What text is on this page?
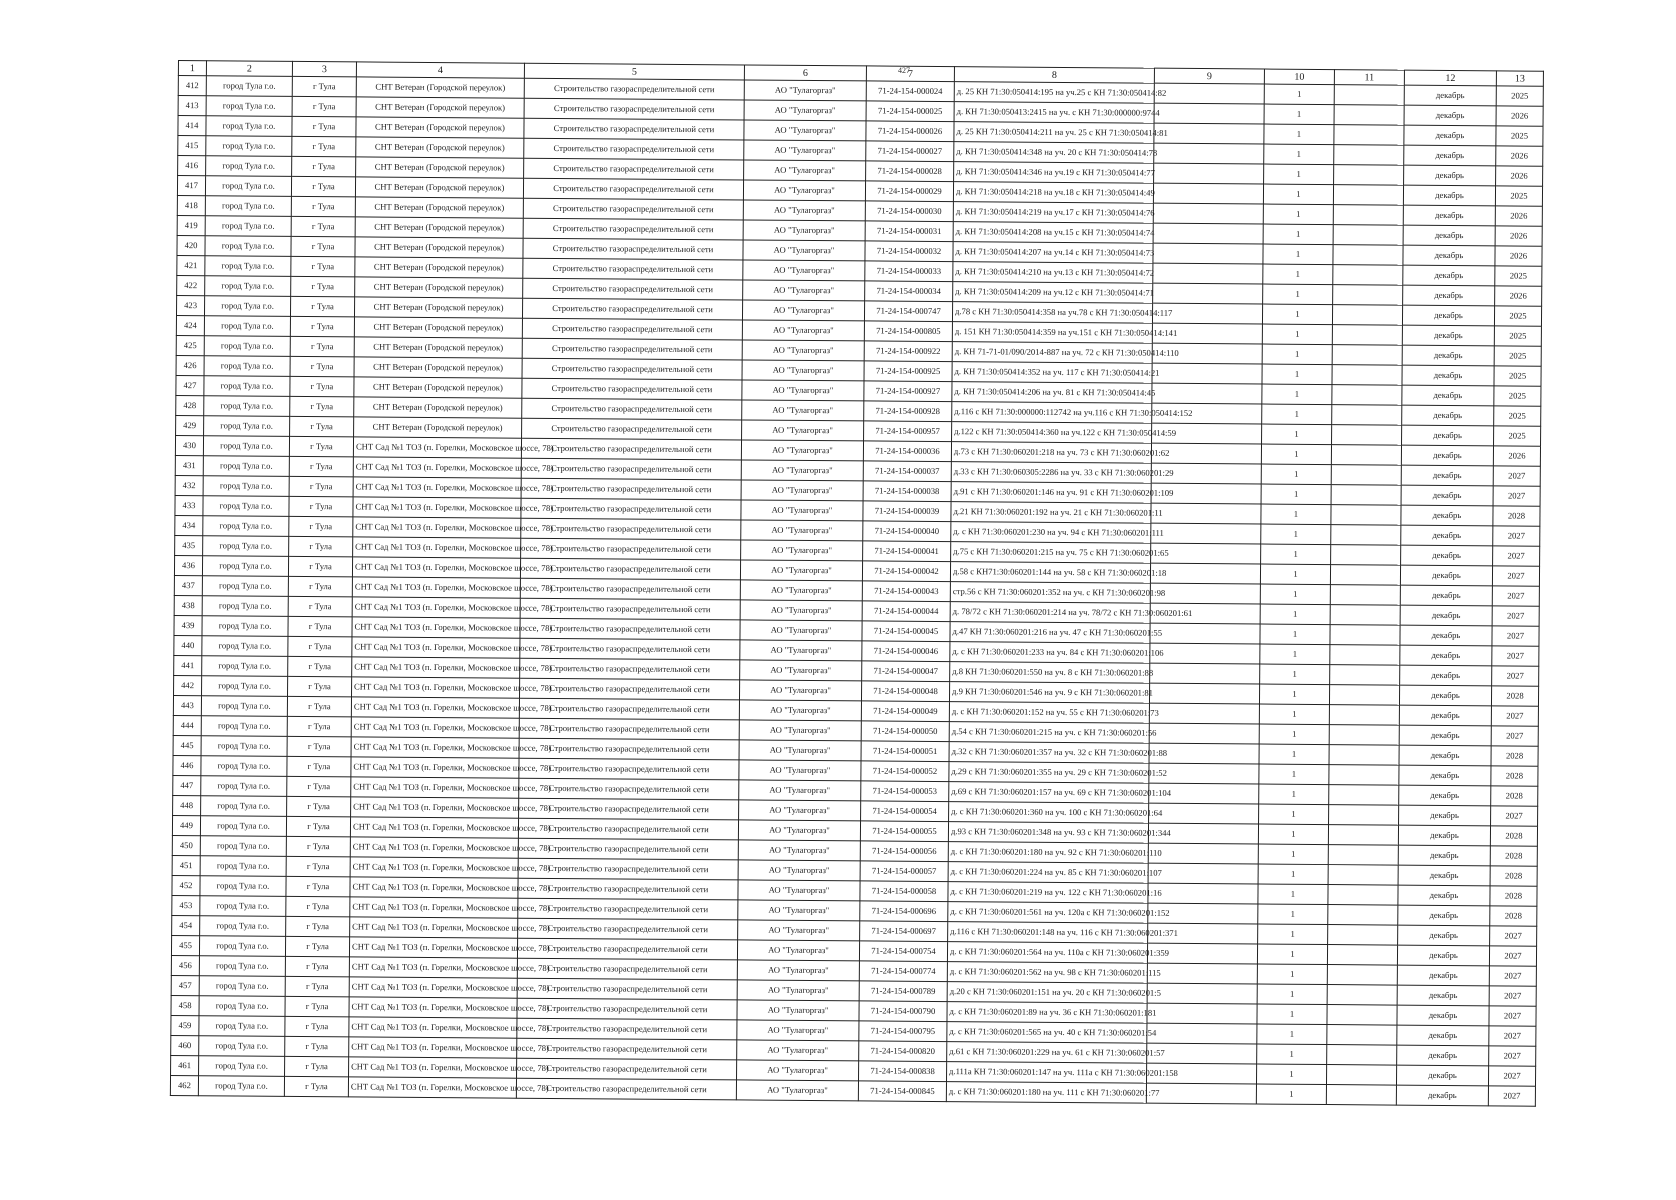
427
1	2	3	4	5	6	7	8	9	10	11	12	13
412	город Тула г.о.	г Тула	СНТ Ветеран (Городской переулок)	Строительство газораспределительной сети	АО "Тулагоргаз"	71-24-154-000024	д. 25 КН 71:30:050414:195 на уч.25 с КН 71:30:050414:82		1		декабрь	2025
413	город Тула г.о.	г Тула	СНТ Ветеран (Городской переулок)	Строительство газораспределительной сети	АО "Тулагоргаз"	71-24-154-000025	д. КН 71:30:050413:2415 на уч. с КН 71:30:000000:9744		1		декабрь	2026
414	город Тула г.о.	г Тула	СНТ Ветеран (Городской переулок)	Строительство газораспределительной сети	АО "Тулагоргаз"	71-24-154-000026	д. 25 КН 71:30:050414:211 на уч. 25 с КН 71:30:050414:81		1		декабрь	2025
415	город Тула г.о.	г Тула	СНТ Ветеран (Городской переулок)	Строительство газораспределительной сети	АО "Тулагоргаз"	71-24-154-000027	д. КН 71:30:050414:348 на уч. 20 с КН 71:30:050414:78		1		декабрь	2026
416	город Тула г.о.	г Тула	СНТ Ветеран (Городской переулок)	Строительство газораспределительной сети	АО "Тулагоргаз"	71-24-154-000028	д. КН 71:30:050414:346 на уч.19 с КН 71:30:050414:77		1		декабрь	2026
417	город Тула г.о.	г Тула	СНТ Ветеран (Городской переулок)	Строительство газораспределительной сети	АО "Тулагоргаз"	71-24-154-000029	д. КН 71:30:050414:218 на уч.18 с КН 71:30:050414:49		1		декабрь	2025
418	город Тула г.о.	г Тула	СНТ Ветеран (Городской переулок)	Строительство газораспределительной сети	АО "Тулагоргаз"	71-24-154-000030	д. КН 71:30:050414:219 на уч.17 с КН 71:30:050414:76		1		декабрь	2026
419	город Тула г.о.	г Тула	СНТ Ветеран (Городской переулок)	Строительство газораспределительной сети	АО "Тулагоргаз"	71-24-154-000031	д. КН 71:30:050414:208 на уч.15 с КН 71:30:050414:74		1		декабрь	2026
420	город Тула г.о.	г Тула	СНТ Ветеран (Городской переулок)	Строительство газораспределительной сети	АО "Тулагоргаз"	71-24-154-000032	д. КН 71:30:050414:207 на уч.14 с КН 71:30:050414:73		1		декабрь	2026
421	город Тула г.о.	г Тула	СНТ Ветеран (Городской переулок)	Строительство газораспределительной сети	АО "Тулагоргаз"	71-24-154-000033	д. КН 71:30:050414:210 на уч.13 с КН 71:30:050414:72		1		декабрь	2025
422	город Тула г.о.	г Тула	СНТ Ветеран (Городской переулок)	Строительство газораспределительной сети	АО "Тулагоргаз"	71-24-154-000034	д. КН 71:30:050414:209 на уч.12 с КН 71:30:050414:71		1		декабрь	2026
423	город Тула г.о.	г Тула	СНТ Ветеран (Городской переулок)	Строительство газораспределительной сети	АО "Тулагоргаз"	71-24-154-000747	д.78 с КН 71:30:050414:358 на уч.78 с КН 71:30:050414:117		1		декабрь	2025
424	город Тула г.о.	г Тула	СНТ Ветеран (Городской переулок)	Строительство газораспределительной сети	АО "Тулагоргаз"	71-24-154-000805	д. 151 КН 71:30:050414:359 на уч.151 с КН 71:30:050414:141		1		декабрь	2025
425	город Тула г.о.	г Тула	СНТ Ветеран (Городской переулок)	Строительство газораспределительной сети	АО "Тулагоргаз"	71-24-154-000922	д. КН 71-71-01/090/2014-887 на уч. 72 с КН 71:30:050414:110		1		декабрь	2025
426	город Тула г.о.	г Тула	СНТ Ветеран (Городской переулок)	Строительство газораспределительной сети	АО "Тулагоргаз"	71-24-154-000925	д. КН 71:30:050414:352 на уч. 117 с КН 71:30:050414:21		1		декабрь	2025
427	город Тула г.о.	г Тула	СНТ Ветеран (Городской переулок)	Строительство газораспределительной сети	АО "Тулагоргаз"	71-24-154-000927	д. КН 71:30:050414:206 на уч. 81 с КН 71:30:050414:45		1		декабрь	2025
428	город Тула г.о.	г Тула	СНТ Ветеран (Городской переулок)	Строительство газораспределительной сети	АО "Тулагоргаз"	71-24-154-000928	д.116 с КН 71:30:000000:112742 на уч.116 с КН 71:30:050414:152		1		декабрь	2025
429	город Тула г.о.	г Тула	СНТ Ветеран (Городской переулок)	Строительство газораспределительной сети	АО "Тулагоргаз"	71-24-154-000957	д.122 с КН 71:30:050414:360 на уч.122 с КН 71:30:050414:59		1		декабрь	2025
430	город Тула г.о.	г Тула	СНТ Сад №1 ТОЗ (п. Горелки, Московское шоссе, 78)	Строительство газораспределительной сети	АО "Тулагоргаз"	71-24-154-000036	д.73 с КН 71:30:060201:218 на уч. 73 с КН 71:30:060201:62		1		декабрь	2026
431	город Тула г.о.	г Тула	СНТ Сад №1 ТОЗ (п. Горелки, Московское шоссе, 78)	Строительство газораспределительной сети	АО "Тулагоргаз"	71-24-154-000037	д.33 с КН 71:30:060305:2286 на уч. 33 с КН 71:30:060201:29		1		декабрь	2027
432	город Тула г.о.	г Тула	СНТ Сад №1 ТОЗ (п. Горелки, Московское шоссе, 78)	Строительство газораспределительной сети	АО "Тулагоргаз"	71-24-154-000038	д.91 с КН 71:30:060201:146 на уч. 91 с КН 71:30:060201:109		1		декабрь	2027
433	город Тула г.о.	г Тула	СНТ Сад №1 ТОЗ (п. Горелки, Московское шоссе, 78)	Строительство газораспределительной сети	АО "Тулагоргаз"	71-24-154-000039	д.21 КН 71:30:060201:192 на уч. 21 с КН 71:30:060201:11		1		декабрь	2028
434	город Тула г.о.	г Тула	СНТ Сад №1 ТОЗ (п. Горелки, Московское шоссе, 78)	Строительство газораспределительной сети	АО "Тулагоргаз"	71-24-154-000040	д. с КН 71:30:060201:230 на уч. 94 с КН 71:30:060201:111		1		декабрь	2027
435	город Тула г.о.	г Тула	СНТ Сад №1 ТОЗ (п. Горелки, Московское шоссе, 78)	Строительство газораспределительной сети	АО "Тулагоргаз"	71-24-154-000041	д.75 с КН 71:30:060201:215 на уч. 75 с КН 71:30:060201:65		1		декабрь	2027
436	город Тула г.о.	г Тула	СНТ Сад №1 ТОЗ (п. Горелки, Московское шоссе, 78)	Строительство газораспределительной сети	АО "Тулагоргаз"	71-24-154-000042	д.58 с КН71:30:060201:144 на уч. 58 с КН 71:30:060201:18		1		декабрь	2027
437	город Тула г.о.	г Тула	СНТ Сад №1 ТОЗ (п. Горелки, Московское шоссе, 78)	Строительство газораспределительной сети	АО "Тулагоргаз"	71-24-154-000043	стр.56 с КН 71:30:060201:352 на уч. с КН 71:30:060201:98		1		декабрь	2027
438	город Тула г.о.	г Тула	СНТ Сад №1 ТОЗ (п. Горелки, Московское шоссе, 78)	Строительство газораспределительной сети	АО "Тулагоргаз"	71-24-154-000044	д. 78/72 с КН 71:30:060201:214 на уч. 78/72 с КН 71:30:060201:61		1		декабрь	2027
439	город Тула г.о.	г Тула	СНТ Сад №1 ТОЗ (п. Горелки, Московское шоссе, 78)	Строительство газораспределительной сети	АО "Тулагоргаз"	71-24-154-000045	д.47 КН 71:30:060201:216 на уч. 47 с КН 71:30:060201:55		1		декабрь	2027
440	город Тула г.о.	г Тула	СНТ Сад №1 ТОЗ (п. Горелки, Московское шоссе, 78)	Строительство газораспределительной сети	АО "Тулагоргаз"	71-24-154-000046	д. с КН 71:30:060201:233 на уч. 84 с КН 71:30:060201:106		1		декабрь	2027
441	город Тула г.о.	г Тула	СНТ Сад №1 ТОЗ (п. Горелки, Московское шоссе, 78)	Строительство газораспределительной сети	АО "Тулагоргаз"	71-24-154-000047	д.8 КН 71:30:060201:550 на уч. 8 с КН 71:30:060201:88		1		декабрь	2027
442	город Тула г.о.	г Тула	СНТ Сад №1 ТОЗ (п. Горелки, Московское шоссе, 78)	Строительство газораспределительной сети	АО "Тулагоргаз"	71-24-154-000048	д.9 КН 71:30:060201:546 на уч. 9 с КН 71:30:060201:81		1		декабрь	2028
443	город Тула г.о.	г Тула	СНТ Сад №1 ТОЗ (п. Горелки, Московское шоссе, 78)	Строительство газораспределительной сети	АО "Тулагоргаз"	71-24-154-000049	д. с КН 71:30:060201:152 на уч. 55 с КН 71:30:060201:73		1		декабрь	2027
444	город Тула г.о.	г Тула	СНТ Сад №1 ТОЗ (п. Горелки, Московское шоссе, 78)	Строительство газораспределительной сети	АО "Тулагоргаз"	71-24-154-000050	д.54 с КН 71:30:060201:215 на уч. с КН 71:30:060201:56		1		декабрь	2027
445	город Тула г.о.	г Тула	СНТ Сад №1 ТОЗ (п. Горелки, Московское шоссе, 78)	Строительство газораспределительной сети	АО "Тулагоргаз"	71-24-154-000051	д.32 с КН 71:30:060201:357 на уч. 32 с КН 71:30:060201:88		1		декабрь	2028
446	город Тула г.о.	г Тула	СНТ Сад №1 ТОЗ (п. Горелки, Московское шоссе, 78)	Строительство газораспределительной сети	АО "Тулагоргаз"	71-24-154-000052	д.29 с КН 71:30:060201:355 на уч. 29 с КН 71:30:060201:52		1		декабрь	2028
447	город Тула г.о.	г Тула	СНТ Сад №1 ТОЗ (п. Горелки, Московское шоссе, 78)	Строительство газораспределительной сети	АО "Тулагоргаз"	71-24-154-000053	д.69 с КН 71:30:060201:157 на уч. 69 с КН 71:30:060201:104		1		декабрь	2028
448	город Тула г.о.	г Тула	СНТ Сад №1 ТОЗ (п. Горелки, Московское шоссе, 78)	Строительство газораспределительной сети	АО "Тулагоргаз"	71-24-154-000054	д. с КН 71:30:060201:360 на уч. 100 с КН 71:30:060201:64		1		декабрь	2027
449	город Тула г.о.	г Тула	СНТ Сад №1 ТОЗ (п. Горелки, Московское шоссе, 78)	Строительство газораспределительной сети	АО "Тулагоргаз"	71-24-154-000055	д.93 с КН 71:30:060201:348 на уч. 93 с КН 71:30:060201:344		1		декабрь	2028
450	город Тула г.о.	г Тула	СНТ Сад №1 ТОЗ (п. Горелки, Московское шоссе, 78)	Строительство газораспределительной сети	АО "Тулагоргаз"	71-24-154-000056	д. с КН 71:30:060201:180 на уч. 92 с КН 71:30:060201:110		1		декабрь	2028
451	город Тула г.о.	г Тула	СНТ Сад №1 ТОЗ (п. Горелки, Московское шоссе, 78)	Строительство газораспределительной сети	АО "Тулагоргаз"	71-24-154-000057	д. с КН 71:30:060201:224 на уч. 85 с КН 71:30:060201:107		1		декабрь	2028
452	город Тула г.о.	г Тула	СНТ Сад №1 ТОЗ (п. Горелки, Московское шоссе, 78)	Строительство газораспределительной сети	АО "Тулагоргаз"	71-24-154-000058	д. с КН 71:30:060201:219 на уч. 122 с КН 71:30:060201:16		1		декабрь	2028
453	город Тула г.о.	г Тула	СНТ Сад №1 ТОЗ (п. Горелки, Московское шоссе, 78)	Строительство газораспределительной сети	АО "Тулагоргаз"	71-24-154-000696	д. с КН 71:30:060201:561 на уч. 120а с КН 71:30:060201:152		1		декабрь	2028
454	город Тула г.о.	г Тула	СНТ Сад №1 ТОЗ (п. Горелки, Московское шоссе, 78)	Строительство газораспределительной сети	АО "Тулагоргаз"	71-24-154-000697	д.116 с КН 71:30:060201:148 на уч. 116 с КН 71:30:060201:371		1		декабрь	2027
455	город Тула г.о.	г Тула	СНТ Сад №1 ТОЗ (п. Горелки, Московское шоссе, 78)	Строительство газораспределительной сети	АО "Тулагоргаз"	71-24-154-000754	д. с КН 71:30:060201:564 на уч. 110а с КН 71:30:060201:359		1		декабрь	2027
456	город Тула г.о.	г Тула	СНТ Сад №1 ТОЗ (п. Горелки, Московское шоссе, 78)	Строительство газораспределительной сети	АО "Тулагоргаз"	71-24-154-000774	д. с КН 71:30:060201:562 на уч. 98 с КН 71:30:060201:115		1		декабрь	2027
457	город Тула г.о.	г Тула	СНТ Сад №1 ТОЗ (п. Горелки, Московское шоссе, 78)	Строительство газораспределительной сети	АО "Тулагоргаз"	71-24-154-000789	д.20 с КН 71:30:060201:151 на уч. 20 с КН 71:30:060201:5		1		декабрь	2027
458	город Тула г.о.	г Тула	СНТ Сад №1 ТОЗ (п. Горелки, Московское шоссе, 78)	Строительство газораспределительной сети	АО "Тулагоргаз"	71-24-154-000790	д. с КН 71:30:060201:89 на уч. 36 с КН 71:30:060201:181		1		декабрь	2027
459	город Тула г.о.	г Тула	СНТ Сад №1 ТОЗ (п. Горелки, Московское шоссе, 78)	Строительство газораспределительной сети	АО "Тулагоргаз"	71-24-154-000795	д. с КН 71:30:060201:565 на уч. 40 с КН 71:30:060201:54		1		декабрь	2027
460	город Тула г.о.	г Тула	СНТ Сад №1 ТОЗ (п. Горелки, Московское шоссе, 78)	Строительство газораспределительной сети	АО "Тулагоргаз"	71-24-154-000820	д.61 с КН 71:30:060201:229 на уч. 61 с КН 71:30:060201:57		1		декабрь	2027
461	город Тула г.о.	г Тула	СНТ Сад №1 ТОЗ (п. Горелки, Московское шоссе, 78)	Строительство газораспределительной сети	АО "Тулагоргаз"	71-24-154-000838	д.111а КН 71:30:060201:147 на уч. 111а с КН 71:30:060201:158		1		декабрь	2027
462	город Тула г.о.	г Тула	СНТ Сад №1 ТОЗ (п. Горелки, Московское шоссе, 78)	Строительство газораспределительной сети	АО "Тулагоргаз"	71-24-154-000845	д. с КН 71:30:060201:180 на уч. 111 с КН 71:30:060201:77		1		декабрь	2027
